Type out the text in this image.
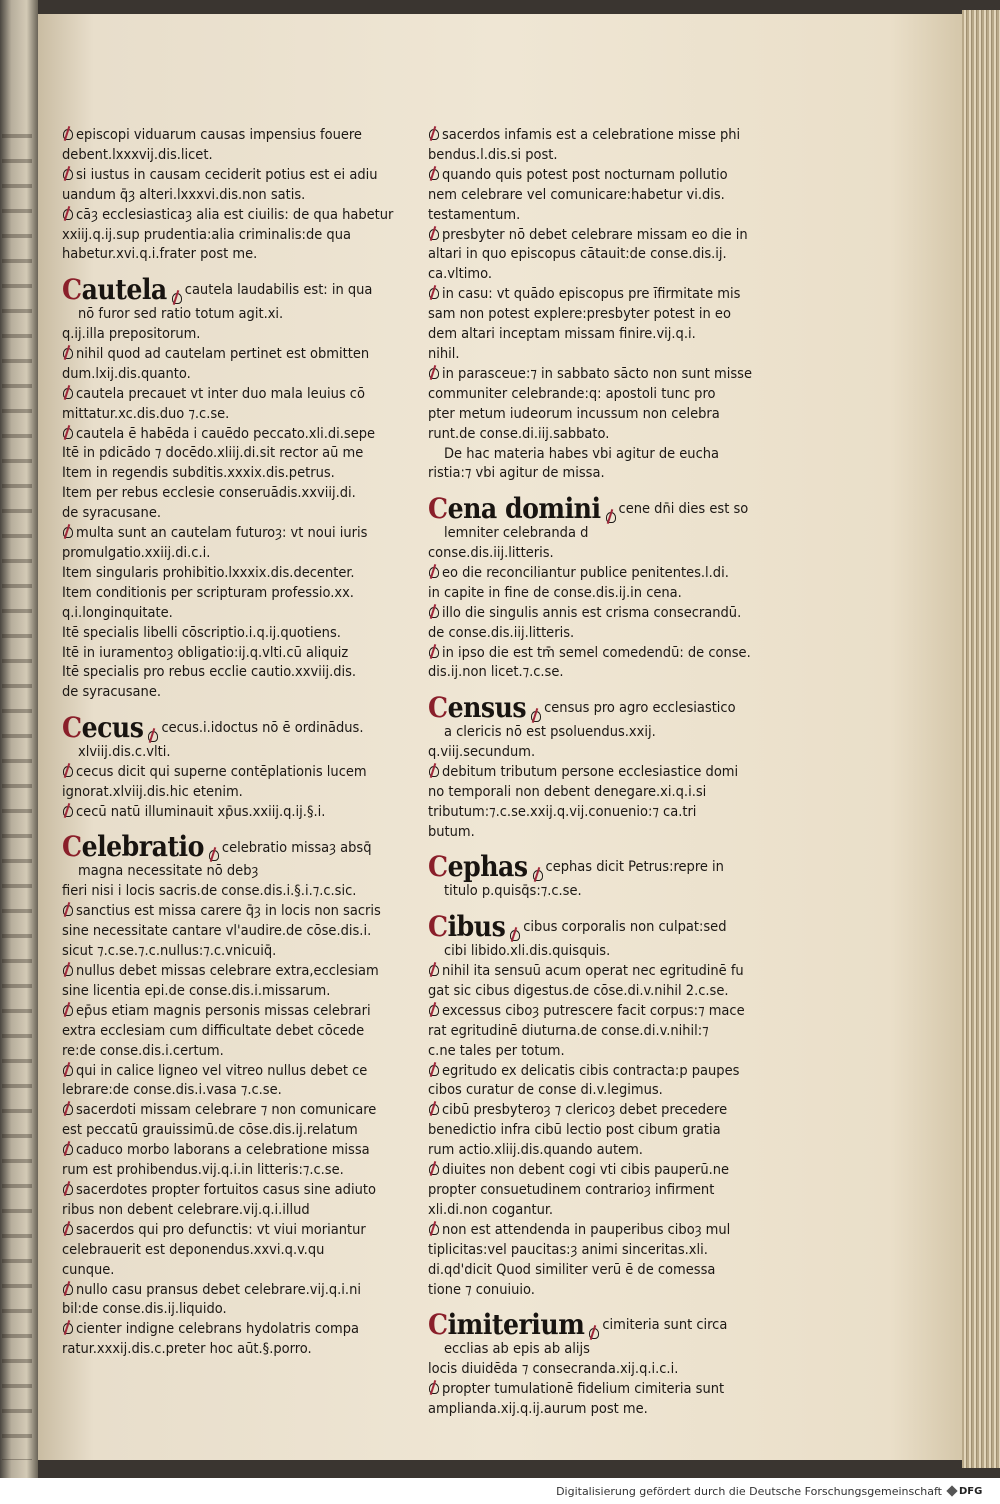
episcopi viduarum causas impensius fouere
debent.lxxxvij.dis.licet.
si iustus in causam ceciderit potius est ei adiu
uandum q̄ȝ alteri.lxxxvi.dis.non satis.
cāȝ ecclesiasticaȝ alia est ciuilis: de qua habetur
xxiij.q.ij.sup prudentia:alia criminalis:de qua
habetur.xvi.q.i.frater post me.
Cautela cautela laudabilis est: in qua
nō furor sed ratio totum agit.xi.
q.ij.illa prepositorum.
nihil quod ad cautelam pertinet est obmitten
dum.lxij.dis.quanto.
cautela precauet vt inter duo mala leuius cō
mittatur.xc.dis.duo ⁊.c.se.
cautela ē habēda i cauēdo peccato.xli.di.sepe
Itē in pdicādo ⁊ docēdo.xliij.di.sit rector aū me
Item in regendis subditis.xxxix.dis.petrus.
Item per rebus ecclesie conseruādis.xxviij.di.
de syracusane.
multa sunt an cautelam futuroȝ: vt noui iuris
promulgatio.xxiij.di.c.i.
Item singularis prohibitio.lxxxix.dis.decenter.
Item conditionis per scripturam professio.xx.
q.i.longinquitate.
Itē specialis libelli cōscriptio.i.q.ij.quotiens.
Itē in iuramentoȝ obligatio:ij.q.vlti.cū aliquiz
Itē specialis pro rebus ecclie cautio.xxviij.dis.
de syracusane.
Cecus cecus.i.idoctus nō ē ordinādus.
xlviij.dis.c.vlti.
cecus dicit qui superne contēplationis lucem
ignorat.xlviij.dis.hic etenim.
cecū natū illuminauit xp̄us.xxiij.q.ij.§.i.
Celebratio celebratio missaȝ absq̄
magna necessitate nō debȝ
fieri nisi i locis sacris.de conse.dis.i.§.i.⁊.c.sic.
sanctius est missa carere q̄ȝ in locis non sacris
sine necessitate cantare vl'audire.de cōse.dis.i.
sicut ⁊.c.se.⁊.c.nullus:⁊.c.vnicuiq̄.
nullus debet missas celebrare extra,ecclesiam
sine licentia epi.de conse.dis.i.missarum.
ep̄us etiam magnis personis missas celebrari
extra ecclesiam cum difficultate debet cōcede
re:de conse.dis.i.certum.
qui in calice ligneo vel vitreo nullus debet ce
lebrare:de conse.dis.i.vasa ⁊.c.se.
sacerdoti missam celebrare ⁊ non comunicare
est peccatū grauissimū.de cōse.dis.ij.relatum
caduco morbo laborans a celebratione missa
rum est prohibendus.vij.q.i.in litteris:⁊.c.se.
sacerdotes propter fortuitos casus sine adiuto
ribus non debent celebrare.vij.q.i.illud
sacerdos qui pro defunctis: vt viui moriantur
celebrauerit est deponendus.xxvi.q.v.qu
cunque.
nullo casu pransus debet celebrare.vij.q.i.ni
bil:de conse.dis.ij.liquido.
cienter indigne celebrans hydolatris compa
ratur.xxxij.dis.c.preter hoc aūt.§.porro.
sacerdos infamis est a celebratione misse phi
bendus.l.dis.si post.
quando quis potest post nocturnam pollutio
nem celebrare vel comunicare:habetur vi.dis.
testamentum.
presbyter nō debet celebrare missam eo die in
altari in quo episcopus cātauit:de conse.dis.ij.
ca.vltimo.
in casu: vt quādo episcopus pre īfirmitate mis
sam non potest explere:presbyter potest in eo
dem altari inceptam missam finire.vij.q.i.
nihil.
in parasceue:⁊ in sabbato sācto non sunt misse
communiter celebrande:q: apostoli tunc pro
pter metum iudeorum incussum non celebra
runt.de conse.di.iij.sabbato.
De hac materia habes vbi agitur de eucha
ristia:⁊ vbi agitur de missa.
Cena domini cene dn̄i dies est so
lemniter celebranda d
conse.dis.iij.litteris.
eo die reconciliantur publice penitentes.l.di.
in capite in fine de conse.dis.ij.in cena.
illo die singulis annis est crisma consecrandū.
de conse.dis.iij.litteris.
in ipso die est tm̄ semel comedendū: de conse.
dis.ij.non licet.⁊.c.se.
Census census pro agro ecclesiastico
a clericis nō est psoluendus.xxij.
q.viij.secundum.
debitum tributum persone ecclesiastice domi
no temporali non debent denegare.xi.q.i.si
tributum:⁊.c.se.xxij.q.vij.conuenio:⁊ ca.tri
butum.
Cephas cephas dicit Petrus:repre in
titulo p.quisq̄s:⁊.c.se.
Cibus cibus corporalis non culpat:sed
cibi libido.xli.dis.quisquis.
nihil ita sensuū acum operat nec egritudinē fu
gat sic cibus digestus.de cōse.di.v.nihil 2.c.se.
excessus ciboȝ putrescere facit corpus:⁊ mace
rat egritudinē diuturna.de conse.di.v.nihil:⁊
c.ne tales per totum.
egritudo ex delicatis cibis contracta:p paupes
cibos curatur de conse di.v.legimus.
cibū presbyteroȝ ⁊ clericoȝ debet precedere
benedictio infra cibū lectio post cibum gratia
rum actio.xliij.dis.quando autem.
diuites non debent cogi vti cibis pauperū.ne
propter consuetudinem contrarioȝ infirment
xli.di.non cogantur.
non est attendenda in pauperibus ciboȝ mul
tiplicitas:vel paucitas:ȝ animi sinceritas.xli.
di.qd'dicit Quod similiter verū ē de comessa
tione ⁊ conuiuio.
Cimiterium cimiteria sunt circa
ecclias ab epis ab alijs
locis diuidēda ⁊ consecranda.xij.q.i.c.i.
propter tumulationē fidelium cimiteria sunt
amplianda.xij.q.ij.aurum post me.
Digitalisierung gefördert durch die Deutsche Forschungsgemeinschaft DFG
